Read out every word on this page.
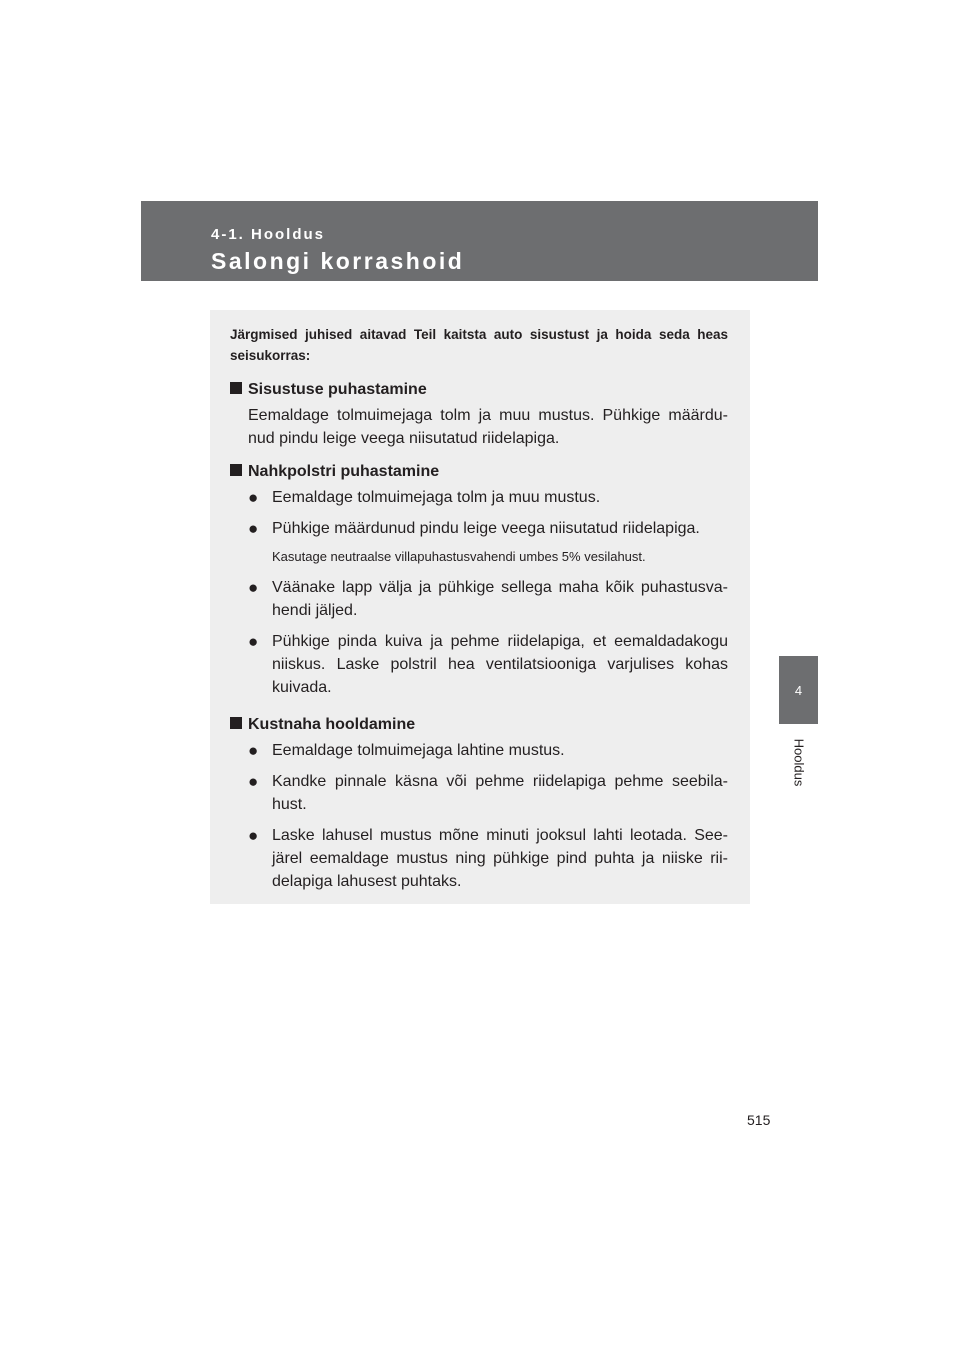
4-1. Hooldus
Salongi korrashoid
4
Hooldus

Järgmised juhised aitavad Teil kaitsta auto sisustust ja hoida seda heas seisukorras:

Sisustuse puhastamine

Eemaldage tolmuimejaga tolm ja muu mustus. Pühkige määrdu-nud pindu leige veega niisutatud riidelapiga.

Nahkpolstri puhastamine
● Eemaldage tolmuimejaga tolm ja muu mustus.
● Pühkige määrdunud pindu leige veega niisutatud riidelapiga.
Kasutage neutraalse villapuhastusvahendi umbes 5% vesilahust.
● Väänake lapp välja ja pühkige sellega maha kõik puhastusva-hendi jäljed.
● Pühkige pinda kuiva ja pehme riidelapiga, et eemaldadakogu niiskus. Laske polstril hea ventilatsiooniga varjulises kohas kuivada.
Kustnaha hooldamine
● Eemaldage tolmuimejaga lahtine mustus.
● Kandke pinnale käsna või pehme riidelapiga pehme seebila-hust.
● Laske lahusel mustus mõne minuti jooksul lahti leotada. See-järel eemaldage mustus ning pühkige pind puhta ja niiske rii-delapiga lahusest puhtaks.
515
